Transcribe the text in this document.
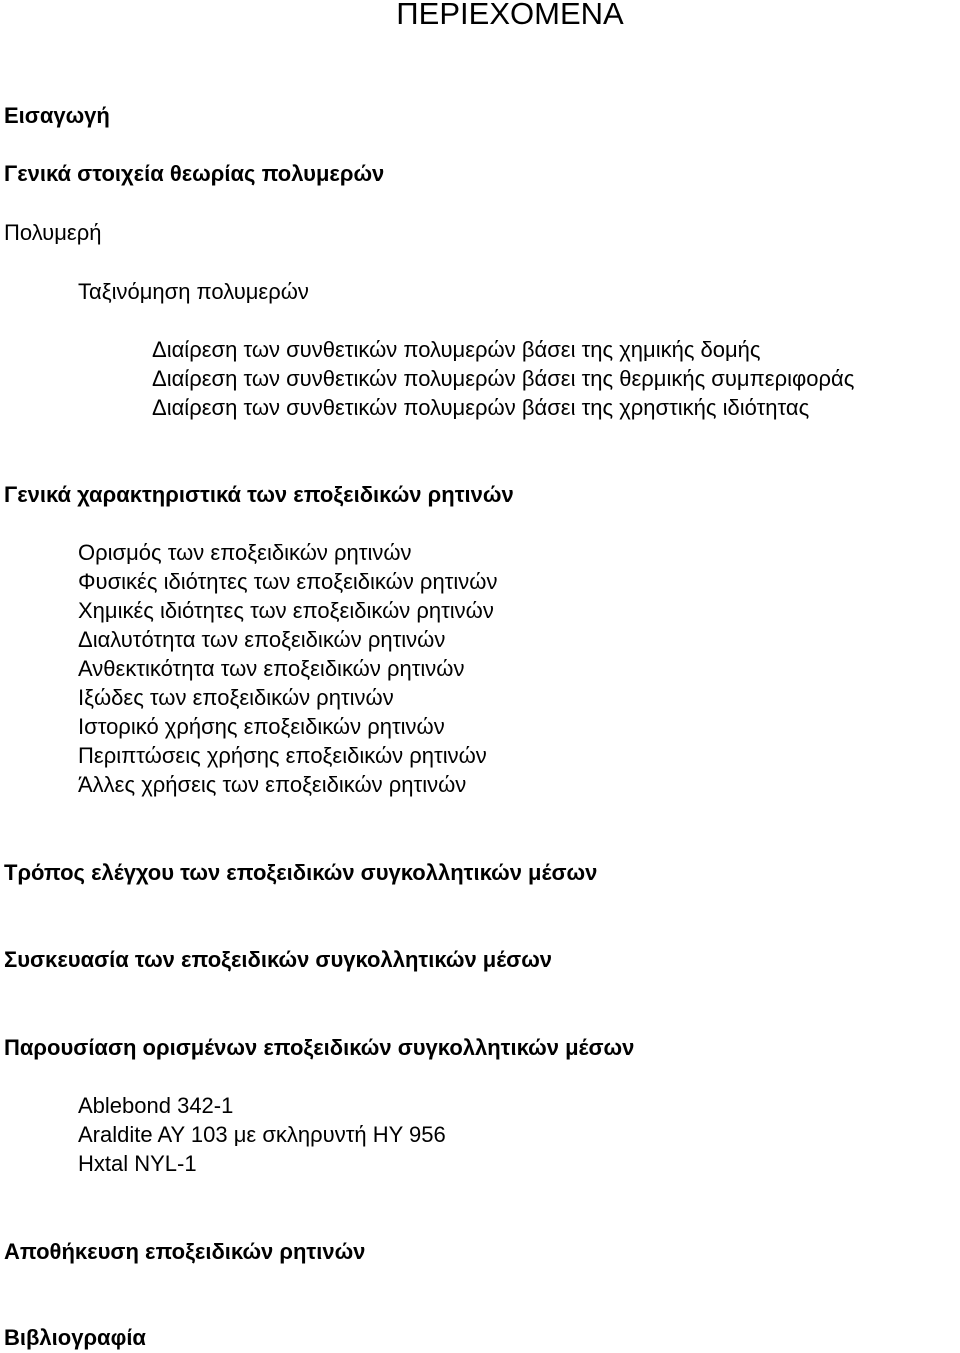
ΠΕΡΙΕΧΟΜΕΝΑ
Εισαγωγή
Γενικά στοιχεία θεωρίας πολυμερών
Πολυμερή
Ταξινόμηση πολυμερών
Διαίρεση των συνθετικών πολυμερών βάσει της χημικής δομής
Διαίρεση των συνθετικών πολυμερών βάσει της θερμικής συμπεριφοράς
Διαίρεση των συνθετικών πολυμερών βάσει της χρηστικής ιδιότητας
Γενικά χαρακτηριστικά των εποξειδικών ρητινών
Ορισμός των εποξειδικών ρητινών
Φυσικές ιδιότητες των εποξειδικών ρητινών
Χημικές ιδιότητες των εποξειδικών ρητινών
Διαλυτότητα των εποξειδικών ρητινών
Ανθεκτικότητα των εποξειδικών ρητινών
Ιξώδες των εποξειδικών ρητινών
Ιστορικό χρήσης εποξειδικών ρητινών
Περιπτώσεις χρήσης εποξειδικών ρητινών
Άλλες χρήσεις των εποξειδικών ρητινών
Τρόπος ελέγχου των εποξειδικών συγκολλητικών μέσων
Συσκευασία των εποξειδικών συγκολλητικών μέσων
Παρουσίαση ορισμένων εποξειδικών συγκολλητικών μέσων
Ablebond 342-1
Araldite AY 103 με σκληρυντή HY 956
Hxtal NYL-1
Αποθήκευση εποξειδικών ρητινών
Βιβλιογραφία
